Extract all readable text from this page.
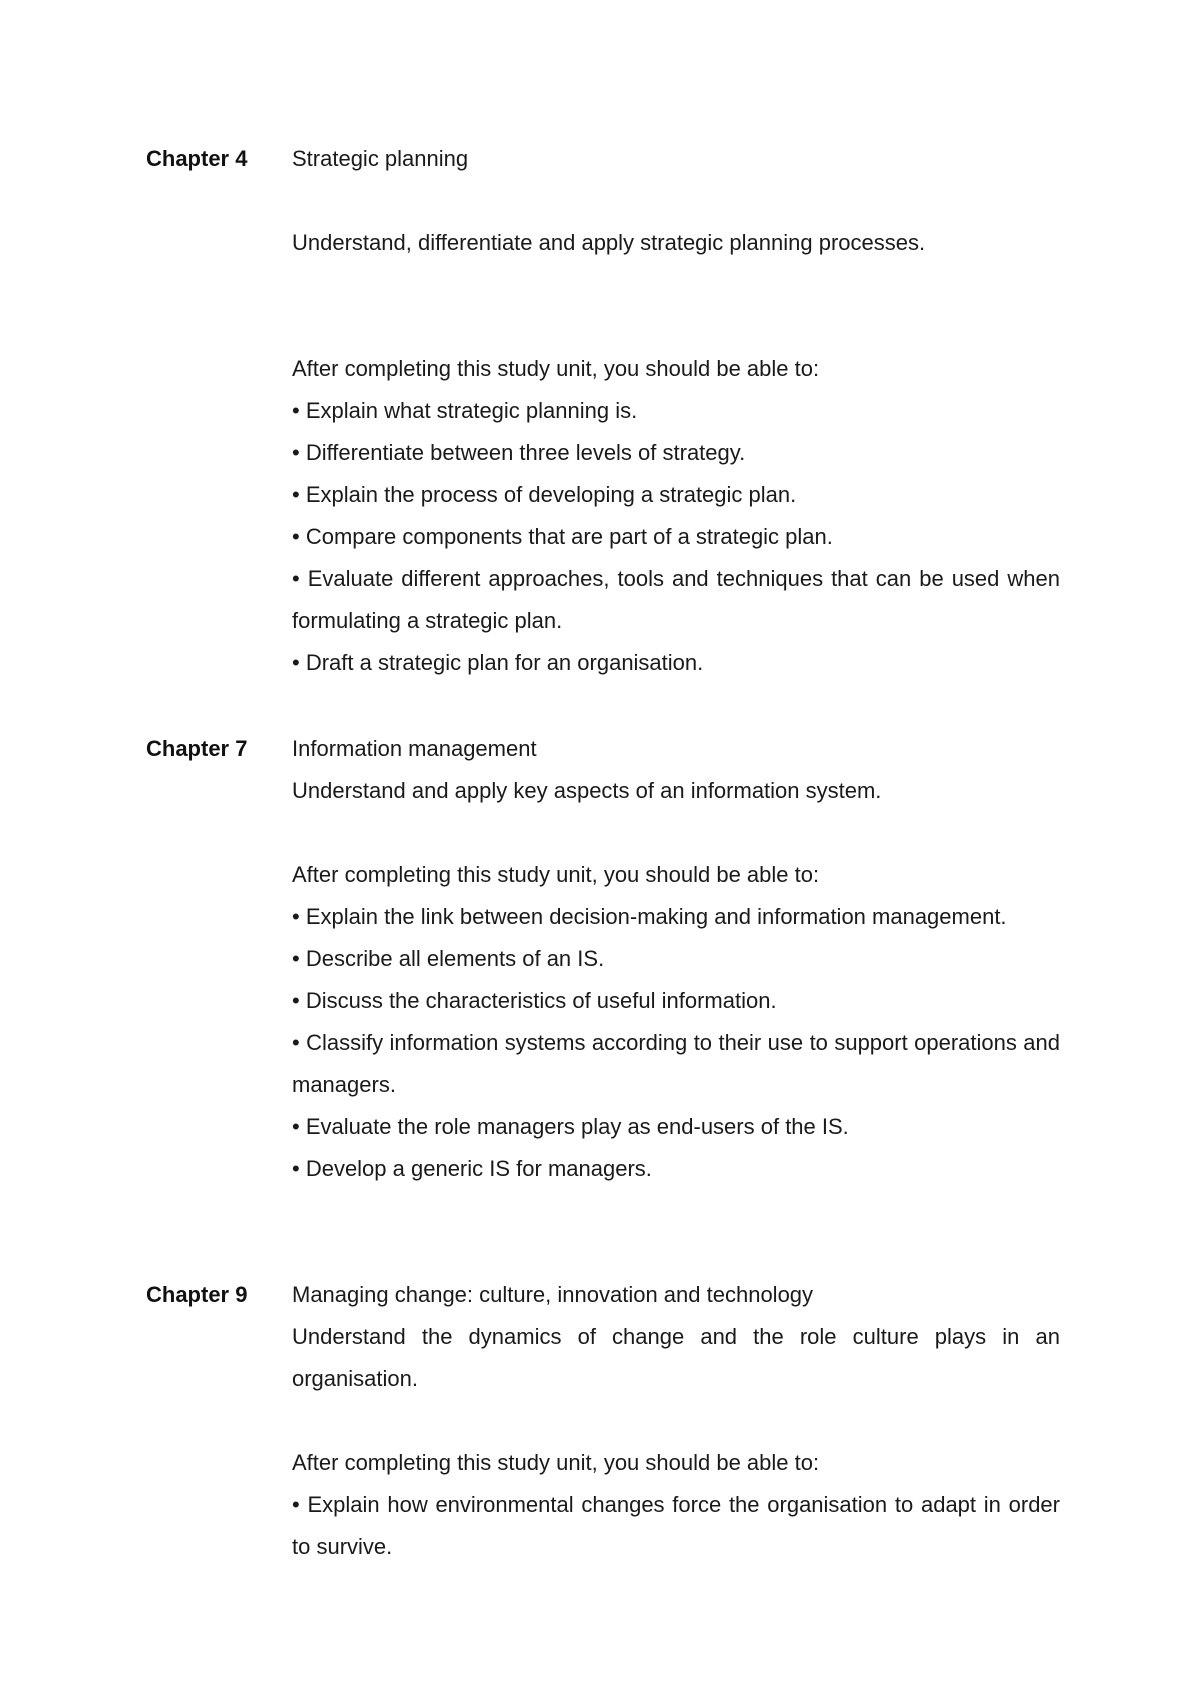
Chapter 4	Strategic planning

Understand, differentiate and apply strategic planning processes.

After completing this study unit, you should be able to:

• Explain what strategic planning is.

• Differentiate between three levels of strategy.

• Explain the process of developing a strategic plan.

• Compare components that are part of a strategic plan.

• Evaluate different approaches, tools and techniques that can be used when formulating a strategic plan.

• Draft a strategic plan for an organisation.

Chapter 7	Information management

Understand and apply key aspects of an information system.

After completing this study unit, you should be able to:

• Explain the link between decision-making and information management.

• Describe all elements of an IS.

• Discuss the characteristics of useful information.

• Classify information systems according to their use to support operations and managers.

• Evaluate the role managers play as end-users of the IS.

• Develop a generic IS for managers.

Chapter 9	Managing change: culture, innovation and technology

Understand the dynamics of change and the role culture plays in an organisation.

After completing this study unit, you should be able to:

• Explain how environmental changes force the organisation to adapt in order to survive.
